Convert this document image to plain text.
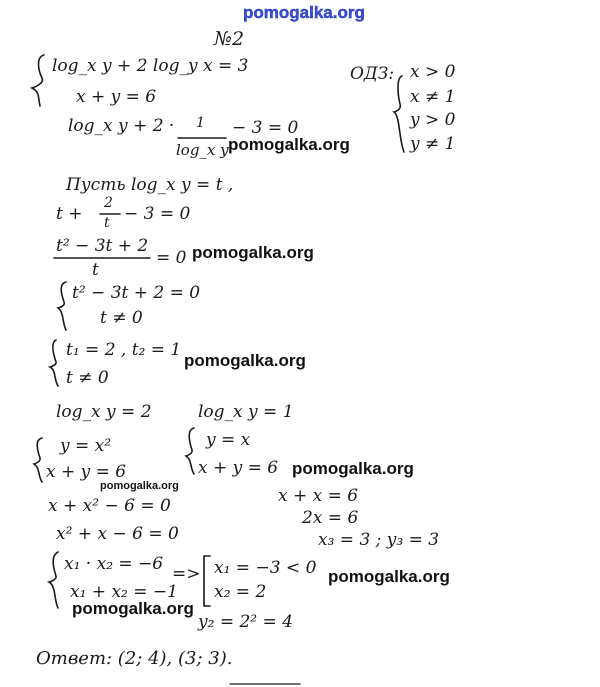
pomogalka.org
№2
log_x y + 2 log_y x = 3
x + y = 6
log_x y + 2 · 1
log_x y
− 3 = 0
ОДЗ: x > 0
x ≠ 1
y > 0
y ≠ 1
Пусть log_x y = t ,
t +
2
t − 3 = 0
t² − 3t + 2
t
= 0
t² − 3t + 2 = 0
t ≠ 0
t₁ = 2 , t₂ = 1
t ≠ 0
log_x y = 2
y = x²
x + y = 6
x + x² − 6 = 0
x² + x − 6 = 0
log_x y = 1
y = x
x + y = 6
x + x = 6
2x = 6
x₃ = 3 ; y₃ = 3
x₁ · x₂ = −6
x₁ + x₂ = −1
=> x₁ = −3 < 0
x₂ = 2
y₂ = 2² = 4
Ответ: (2; 4), (3; 3).
pomogalka.org
pomogalka.org
pomogalka.org
pomogalka.org
pomogalka.org
pomogalka.org
pomogalka.org
